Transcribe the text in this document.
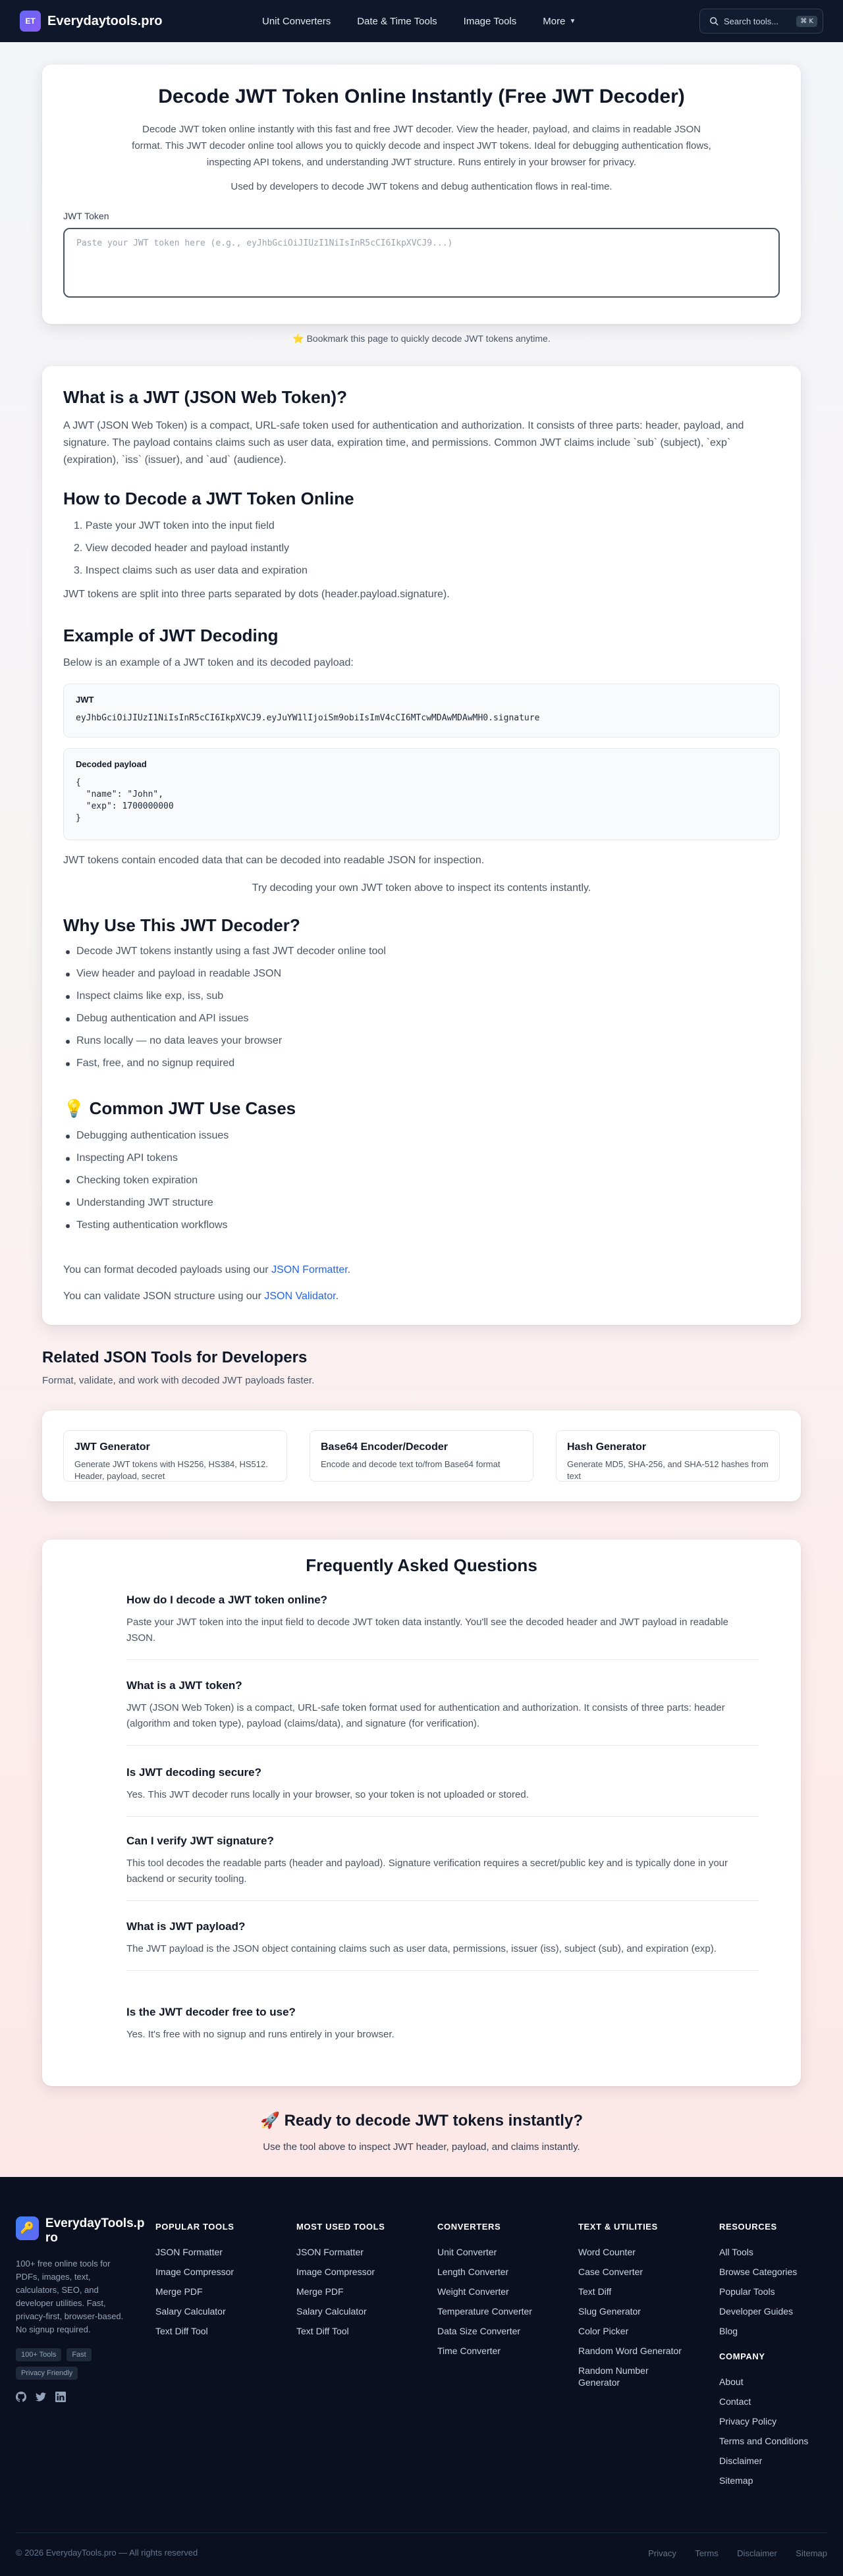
ET Everydaytools.pro	Unit Converters	Date & Time Tools	Image Tools	More ▼	Search tools...	⌘ K
Decode JWT Token Online Instantly (Free JWT Decoder)

Decode JWT token online instantly with this fast and free JWT decoder. View the header, payload, and claims in readable JSON format. This JWT decoder online tool allows you to quickly decode and inspect JWT tokens. Ideal for debugging authentication flows, inspecting API tokens, and understanding JWT structure. Runs entirely in your browser for privacy.

Used by developers to decode JWT tokens and debug authentication flows in real-time.

JWT Token
Paste your JWT token here (e.g., eyJhbGciOiJIUzI1NiIsInR5cCI6IkpXVCJ9...)
⭐ Bookmark this page to quickly decode JWT tokens anytime.
What is a JWT (JSON Web Token)?

A JWT (JSON Web Token) is a compact, URL-safe token used for authentication and authorization. It consists of three parts: header, payload, and signature. The payload contains claims such as user data, expiration time, and permissions. Common JWT claims include `sub` (subject), `exp` (expiration), `iss` (issuer), and `aud` (audience).

How to Decode a JWT Token Online
1. Paste your JWT token into the input field
2. View decoded header and payload instantly
3. Inspect claims such as user data and expiration

JWT tokens are split into three parts separated by dots (header.payload.signature).

Example of JWT Decoding

Below is an example of a JWT token and its decoded payload:

JWT
eyJhbGciOiJIUzI1NiIsInR5cCI6IkpXVCJ9.eyJuYW1lIjoiSm9obiIsImV4cCI6MTcwMDAwMDAwMH0.signature
Decoded payload
{
"name": "John",
"exp": 1700000000
}

JWT tokens contain encoded data that can be decoded into readable JSON for inspection.

Try decoding your own JWT token above to inspect its contents instantly.

Why Use This JWT Decoder?
Decode JWT tokens instantly using a fast JWT decoder online tool
View header and payload in readable JSON
Inspect claims like exp, iss, sub
Debug authentication and API issues
Runs locally — no data leaves your browser
Fast, free, and no signup required
💡 Common JWT Use Cases
Debugging authentication issues
Inspecting API tokens
Checking token expiration
Understanding JWT structure
Testing authentication workflows

You can format decoded payloads using our JSON Formatter.

You can validate JSON structure using our JSON Validator.

Related JSON Tools for Developers
Format, validate, and work with decoded JWT payloads faster.
JWT Generator
Generate JWT tokens with HS256, HS384, HS512. Header, payload, secret
Base64 Encoder/Decoder
Encode and decode text to/from Base64 format
Hash Generator
Generate MD5, SHA-256, and SHA-512 hashes from text
Frequently Asked Questions
How do I decode a JWT token online?
Paste your JWT token into the input field to decode JWT token data instantly. You'll see the decoded header and JWT payload in readable JSON.
What is a JWT token?
JWT (JSON Web Token) is a compact, URL-safe token format used for authentication and authorization. It consists of three parts: header (algorithm and token type), payload (claims/data), and signature (for verification).
Is JWT decoding secure?
Yes. This JWT decoder runs locally in your browser, so your token is not uploaded or stored.
Can I verify JWT signature?
This tool decodes the readable parts (header and payload). Signature verification requires a secret/public key and is typically done in your backend or security tooling.
What is JWT payload?
The JWT payload is the JSON object containing claims such as user data, permissions, issuer (iss), subject (sub), and expiration (exp).
Is the JWT decoder free to use?
Yes. It's free with no signup and runs entirely in your browser.
🚀 Ready to decode JWT tokens instantly?
Use the tool above to inspect JWT header, payload, and claims instantly.
🔑 EverydayTools.pro

100+ free online tools for PDFs, images, text, calculators, SEO, and developer utilities. Fast, privacy-first, browser-based. No signup required.

100+ Tools	Fast
Privacy Friendly
POPULAR TOOLS
JSON Formatter
Image Compressor
Merge PDF
Salary Calculator
Text Diff Tool
MOST USED TOOLS
JSON Formatter
Image Compressor
Merge PDF
Salary Calculator
Text Diff Tool
CONVERTERS
Unit Converter
Length Converter
Weight Converter
Temperature Converter
Data Size Converter
Time Converter
TEXT & UTILITIES
Word Counter
Case Converter
Text Diff
Slug Generator
Color Picker
Random Word Generator
Random Number Generator
RESOURCES
All Tools
Browse Categories
Popular Tools
Developer Guides
Blog
COMPANY
About
Contact
Privacy Policy
Terms and Conditions
Disclaimer
Sitemap
© 2026 EverydayTools.pro — All rights reserved	Privacy Terms Disclaimer Sitemap
